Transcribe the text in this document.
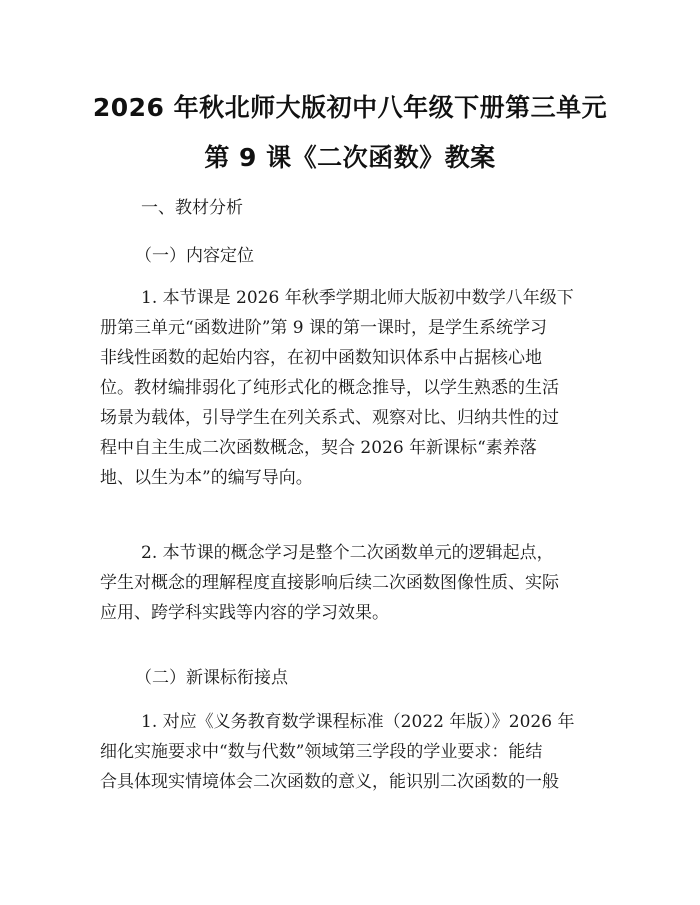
2026 年秋北师大版初中八年级下册第三单元
第 9 课《二次函数》教案
一、教材分析
（一）内容定位
1. 本节课是 2026 年秋季学期北师大版初中数学八年级下
册第三单元“函数进阶”第 9 课的第一课时，是学生系统学习
非线性函数的起始内容，在初中函数知识体系中占据核心地
位。教材编排弱化了纯形式化的概念推导，以学生熟悉的生活
场景为载体，引导学生在列关系式、观察对比、归纳共性的过
程中自主生成二次函数概念，契合 2026 年新课标“素养落
地、以生为本”的编写导向。
2. 本节课的概念学习是整个二次函数单元的逻辑起点，
学生对概念的理解程度直接影响后续二次函数图像性质、实际
应用、跨学科实践等内容的学习效果。
（二）新课标衔接点
1. 对应《义务教育数学课程标准（2022 年版）》2026 年
细化实施要求中“数与代数”领域第三学段的学业要求：能结
合具体现实情境体会二次函数的意义，能识别二次函数的一般
